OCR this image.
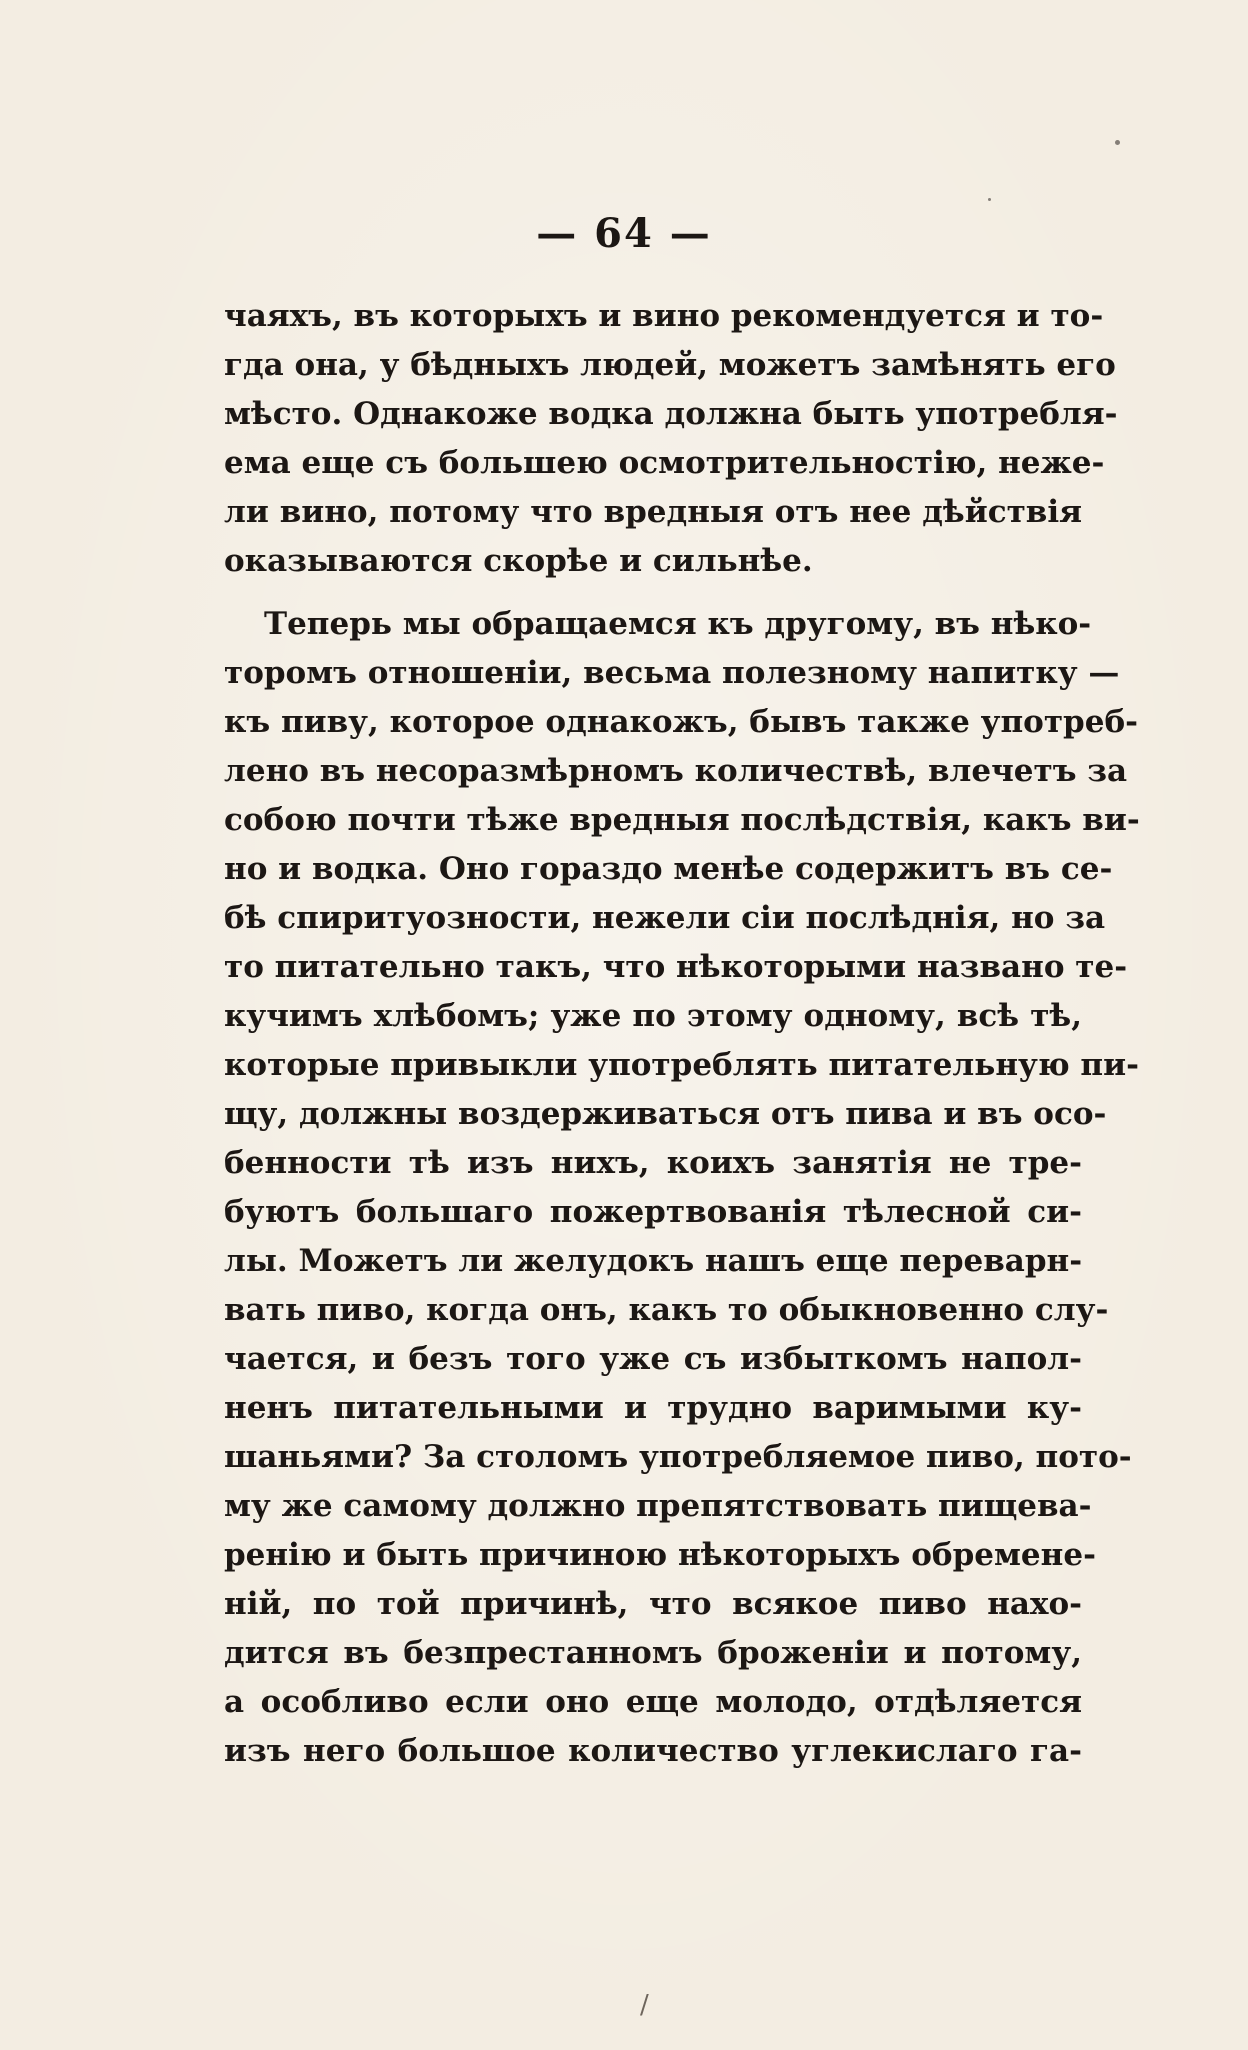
— 64 —
чаяхъ, въ которыхъ и вино рекомендуется и то-
гда она, у бѣдныхъ людей, можетъ замѣнять его
мѣсто. Однакоже водка должна быть употребля-
ема еще съ большею осмотрительностію, неже-
ли вино, потому что вредныя отъ нее дѣйствія
оказываются скорѣе и сильнѣе.
Теперь мы обращаемся къ другому, въ нѣко-
торомъ отношеніи, весьма полезному напитку —
къ пиву, которое однакожъ, бывъ также употреб-
лено въ несоразмѣрномъ количествѣ, влечетъ за
собою почти тѣже вредныя послѣдствія, какъ ви-
но и водка. Оно гораздо менѣе содержитъ въ се-
бѣ спиритуозности, нежели сіи послѣднія, но за
то питательно такъ, что нѣкоторыми названо те-
кучимъ хлѣбомъ; уже по этому одному, всѣ тѣ,
которые привыкли употреблять питательную пи-
щу, должны воздерживаться отъ пива и въ осо-
бенности тѣ изъ нихъ, коихъ занятія не тре-
буютъ большаго пожертвованія тѣлесной си-
лы. Можетъ ли желудокъ нашъ еще переварн-
вать пиво, когда онъ, какъ то обыкновенно слу-
чается, и безъ того уже съ избыткомъ напол-
ненъ питательными и трудно варимыми ку-
шаньями? За столомъ употребляемое пиво, пото-
му же самому должно препятствовать пищева-
ренію и быть причиною нѣкоторыхъ обремене-
ній, по той причинѣ, что всякое пиво нахо-
дится въ безпрестанномъ броженіи и потому,
а особливо если оно еще молодо, отдѣляется
изъ него большое количество углекислаго га-
/
